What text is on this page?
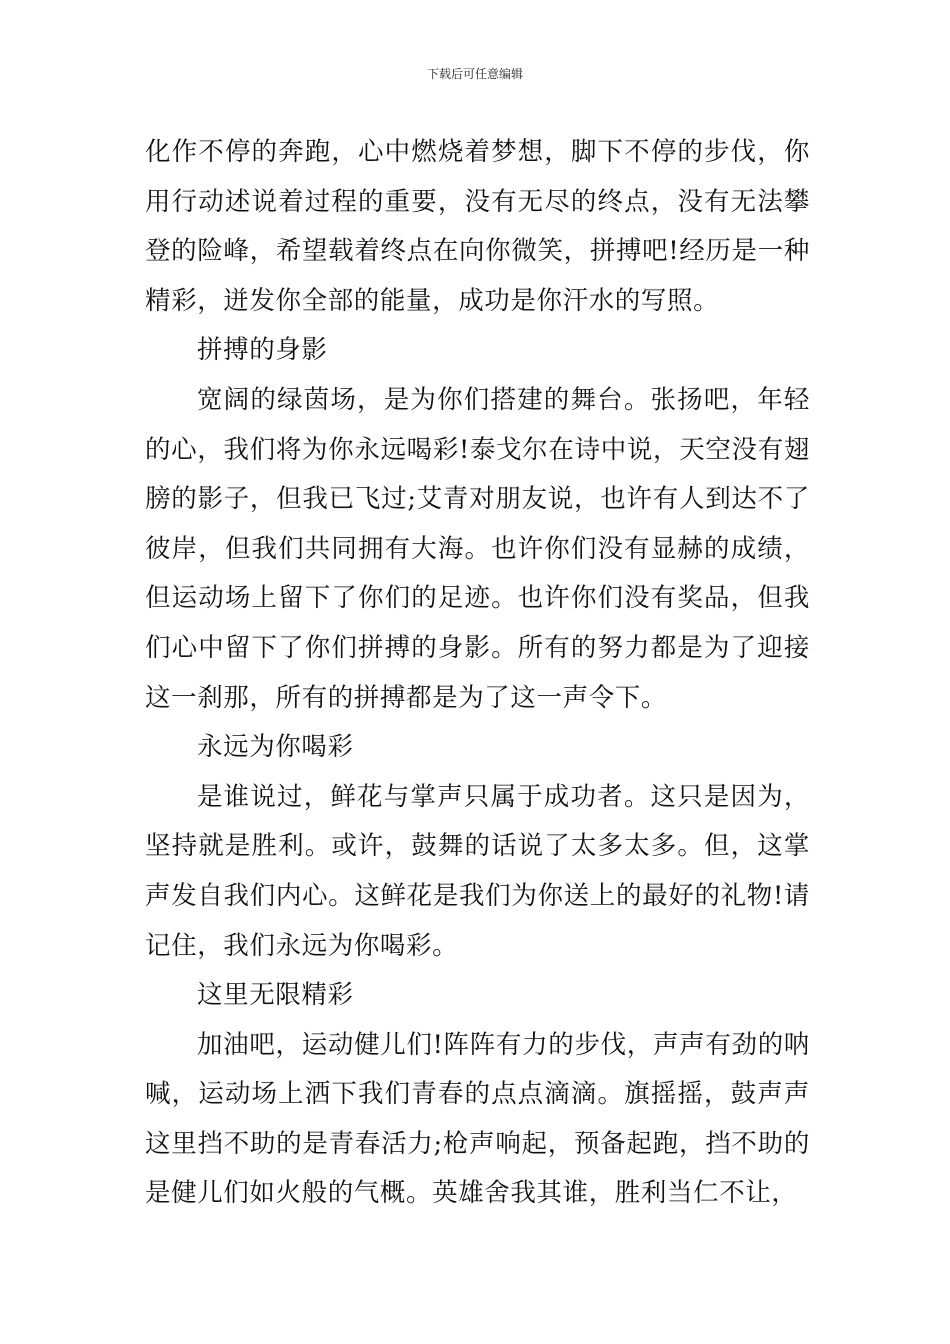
下载后可任意编辑

化作不停的奔跑，心中燃烧着梦想，脚下不停的步伐，你用行动述说着过程的重要，没有无尽的终点，没有无法攀登的险峰，希望载着终点在向你微笑，拼搏吧!经历是一种精彩，迸发你全部的能量，成功是你汗水的写照。

拼搏的身影

宽阔的绿茵场，是为你们搭建的舞台。张扬吧，年轻的心，我们将为你永远喝彩!泰戈尔在诗中说，天空没有翅膀的影子，但我已飞过;艾青对朋友说，也许有人到达不了彼岸，但我们共同拥有大海。也许你们没有显赫的成绩，但运动场上留下了你们的足迹。也许你们没有奖品，但我们心中留下了你们拼搏的身影。所有的努力都是为了迎接这一刹那，所有的拼搏都是为了这一声令下。

永远为你喝彩

是谁说过，鲜花与掌声只属于成功者。这只是因为，坚持就是胜利。或许，鼓舞的话说了太多太多。但，这掌声发自我们内心。这鲜花是我们为你送上的最好的礼物!请记住，我们永远为你喝彩。

这里无限精彩

加油吧，运动健儿们!阵阵有力的步伐，声声有劲的呐喊，运动场上洒下我们青春的点点滴滴。旗摇摇，鼓声声这里挡不助的是青春活力;枪声响起，预备起跑，挡不助的是健儿们如火般的气概。英雄舍我其谁，胜利当仁不让，
